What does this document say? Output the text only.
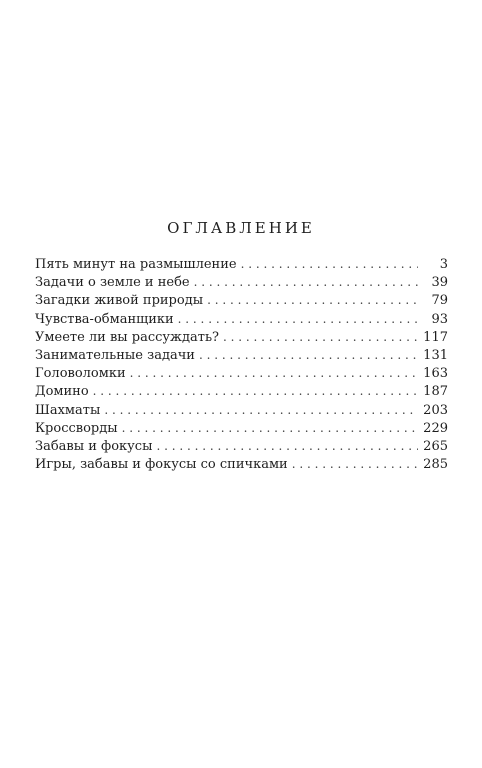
ОГЛАВЛЕНИЕ
Пять минут на размышление . . .	3
Задачи о земле и небе . . .	39
Загадки живой природы . . .	79
Чувства-обманщики . . .	93
Умеете ли вы рассуждать? . . .	117
Занимательные задачи . . .	131
Головоломки . . .	163
Домино . . .	187
Шахматы . . .	203
Кроссворды . . .	229
Забавы и фокусы . . .	265
Игры, забавы и фокусы со спичками . . .	285
